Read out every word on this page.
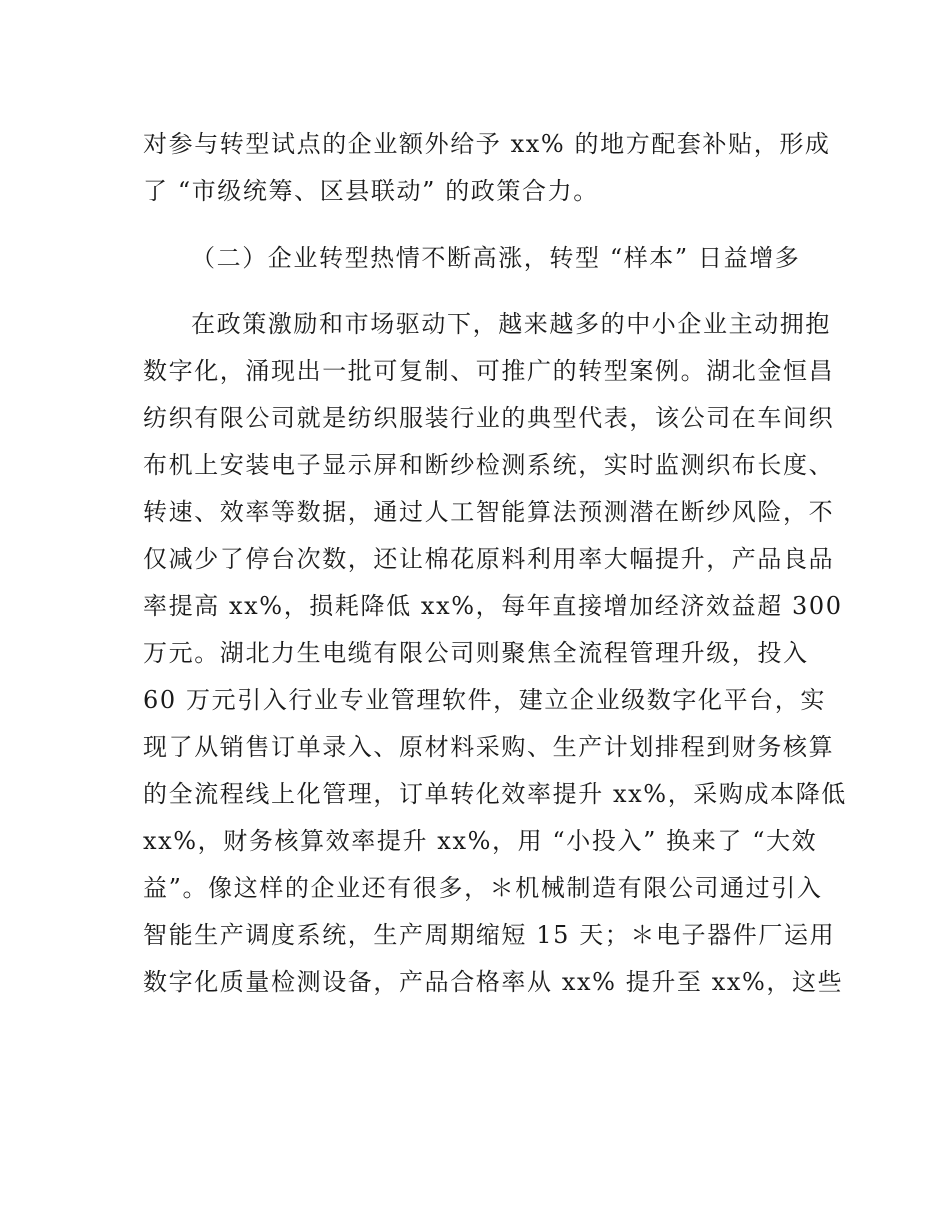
对参与转型试点的企业额外给予 xx% 的地方配套补贴，形成
了 “市级统筹、区县联动” 的政策合力。
（二）企业转型热情不断高涨，转型 “样本” 日益增多
在政策激励和市场驱动下，越来越多的中小企业主动拥抱
数字化，涌现出一批可复制、可推广的转型案例。湖北金恒昌
纺织有限公司就是纺织服装行业的典型代表，该公司在车间织
布机上安装电子显示屏和断纱检测系统，实时监测织布长度、
转速、效率等数据，通过人工智能算法预测潜在断纱风险，不
仅减少了停台次数，还让棉花原料利用率大幅提升，产品良品
率提高 xx%，损耗降低 xx%，每年直接增加经济效益超 300
万元。湖北力生电缆有限公司则聚焦全流程管理升级，投入
60 万元引入行业专业管理软件，建立企业级数字化平台，实
现了从销售订单录入、原材料采购、生产计划排程到财务核算
的全流程线上化管理，订单转化效率提升 xx%，采购成本降低
xx%，财务核算效率提升 xx%，用 “小投入” 换来了 “大效
益”。像这样的企业还有很多，＊机械制造有限公司通过引入
智能生产调度系统，生产周期缩短 15 天；＊电子器件厂运用
数字化质量检测设备，产品合格率从 xx% 提升至 xx%，这些
